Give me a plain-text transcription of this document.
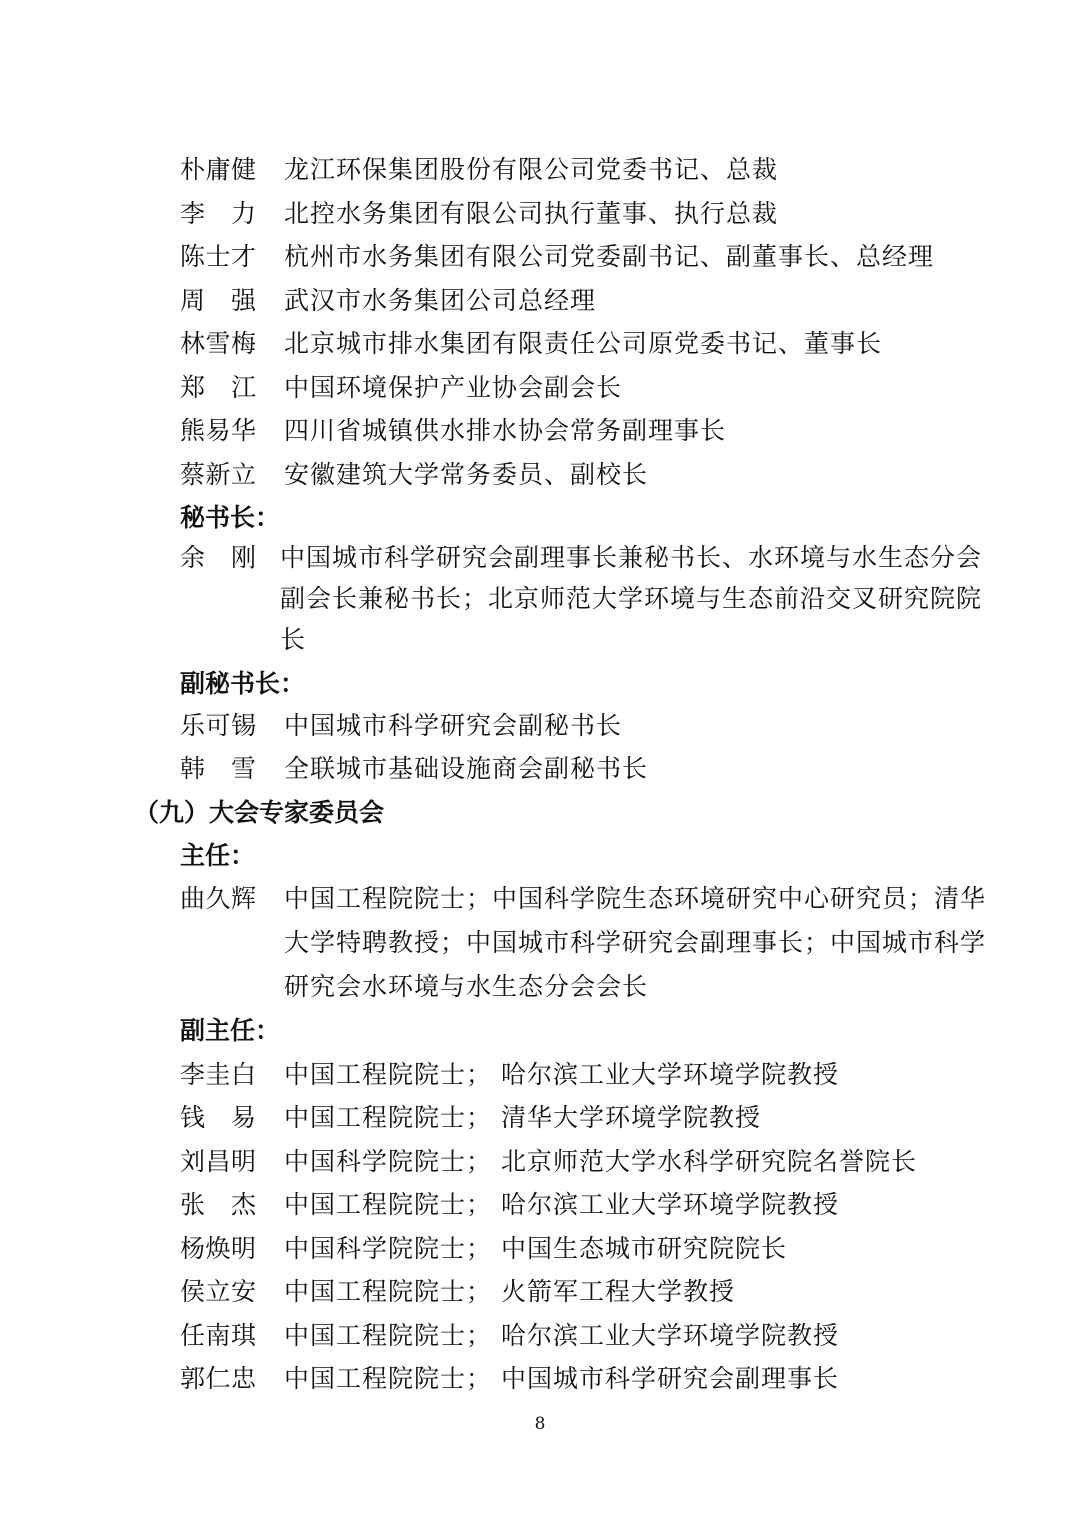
朴庸健 龙江环保集团股份有限公司党委书记、总裁
李 力 北控水务集团有限公司执行董事、执行总裁
陈士才 杭州市水务集团有限公司党委副书记、副董事长、总经理
周 强 武汉市水务集团公司总经理
林雪梅 北京城市排水集团有限责任公司原党委书记、董事长
郑 江 中国环境保护产业协会副会长
熊易华 四川省城镇供水排水协会常务副理事长
蔡新立 安徽建筑大学常务委员、副校长
秘书长：
余 刚 中国城市科学研究会副理事长兼秘书长、水环境与水生态分会
副会长兼秘书长；北京师范大学环境与生态前沿交叉研究院院
长
副秘书长：
乐可锡 中国城市科学研究会副秘书长
韩 雪 全联城市基础设施商会副秘书长
（九）大会专家委员会
主任：
曲久辉 中国工程院院士；中国科学院生态环境研究中心研究员；清华
大学特聘教授；中国城市科学研究会副理事长；中国城市科学
研究会水环境与水生态分会会长
副主任：
李圭白 中国工程院院士； 哈尔滨工业大学环境学院教授
钱 易 中国工程院院士； 清华大学环境学院教授
刘昌明 中国科学院院士； 北京师范大学水科学研究院名誉院长
张 杰 中国工程院院士； 哈尔滨工业大学环境学院教授
杨焕明 中国科学院院士； 中国生态城市研究院院长
侯立安 中国工程院院士； 火箭军工程大学教授
任南琪 中国工程院院士； 哈尔滨工业大学环境学院教授
郭仁忠 中国工程院院士； 中国城市科学研究会副理事长
8
